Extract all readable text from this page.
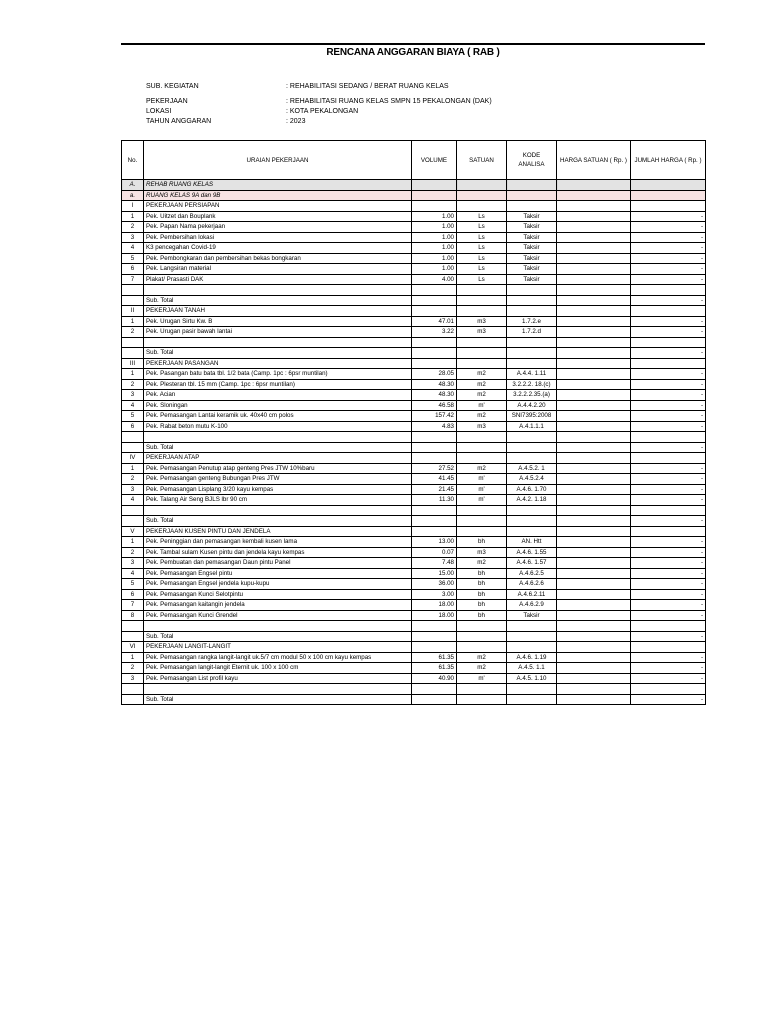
RENCANA ANGGARAN BIAYA ( RAB )
SUB. KEGIATAN	: REHABILITASI SEDANG / BERAT RUANG KELAS
PEKERJAAN	: REHABILITASI RUANG KELAS SMPN 15 PEKALONGAN (DAK)
LOKASI	: KOTA PEKALONGAN
TAHUN ANGGARAN	: 2023
No.	URAIAN PEKERJAAN	VOLUME	SATUAN	KODE ANALISA	HARGA SATUAN ( Rp. )	JUMLAH HARGA ( Rp. )
A.	REHAB RUANG KELAS					
a.	RUANG KELAS 9A dan 9B					
I	PEKERJAAN PERSIAPAN					
1	Pek. Uitzet dan Bouplank	1.00	Ls	Taksir		-
2	Pek. Papan Nama pekerjaan	1.00	Ls	Taksir		-
3	Pek. Pembersihan lokasi	1.00	Ls	Taksir		-
4	K3 pencegahan Covid-19	1.00	Ls	Taksir		-
5	Pek. Pembongkaran dan pembersihan bekas bongkaran	1.00	Ls	Taksir		-
6	Pek. Langsiran material	1.00	Ls	Taksir		-
7	Plakat/ Prasasti DAK	4.00	Ls	Taksir		-

	Sub. Total					-
II	PEKERJAAN TANAH					
1	Pek. Urugan Sirtu Kw. B	47.01	m3	1.7.2.e		-
2	Pek. Urugan pasir bawah lantai	3.22	m3	1.7.2.d		-

	Sub. Total					-
III	PEKERJAAN PASANGAN					
1	Pek. Pasangan batu bata tbl. 1/2 bata (Camp. 1pc : 6psr muntilan)	28.05	m2	A.4.4. 1.11		-
2	Pek. Plesteran tbl. 15 mm (Camp. 1pc : 6psr muntilan)	48.30	m2	3.2.2.2. 18.(c)		-
3	Pek. Acian	48.30	m2	3.2.2.2.35.(a)		-
4	Pek. Sloningan	46.58	m'	A.4.4.2.20		-
5	Pek. Pemasangan Lantai keramik uk. 40x40 cm polos	157.42	m2	SNI7395:2008		-
6	Pek. Rabat beton mutu K-100	4.83	m3	A.4.1.1.1		-

	Sub. Total					-
IV	PEKERJAAN ATAP					
1	Pek. Pemasangan Penutup atap genteng Pres JTW 10%baru	27.52	m2	A.4.5.2. 1		-
2	Pek. Pemasangan genteng Bubungan Pres JTW	41.45	m'	A.4.5.2.4		-
3	Pek. Pemasangan Lisplang 3/20 kayu kempas	21.45	m'	A.4.6. 1.70		-
4	Pek. Talang Air Seng BJLS lbr 90 cm	11.30	m'	A.4.2. 1.18		-

	Sub. Total					-
V	PEKERJAAN KUSEN PINTU DAN JENDELA					
1	Pek. Peninggian dan pemasangan kembali kusen lama	13.00	bh	AN. Htt		-
2	Pek. Tambal sulam Kusen pintu dan jendela kayu kempas	0.07	m3	A.4.6. 1.55		-
3	Pek. Pembuatan dan pemasangan Daun pintu Panel	7.48	m2	A.4.6. 1.57		-
4	Pek. Pemasangan Engsel pintu	15.00	bh	A.4.6.2.5		-
5	Pek. Pemasangan Engsel jendela kupu-kupu	36.00	bh	A.4.6.2.6		-
6	Pek. Pemasangan Kunci Selotpintu	3.00	bh	A.4.6.2.11		-
7	Pek. Pemasangan kaitangin jendela	18.00	bh	A.4.6.2.9		-
8	Pek. Pemasangan Kunci Grendel	18.00	bh	Taksir		-

	Sub. Total					-
VI	PEKERJAAN LANGIT-LANGIT					
1	Pek. Pemasangan rangka langit-langit uk.5/7 cm modul 50 x 100 cm kayu kempas	61.35	m2	A.4.6. 1.19		-
2	Pek. Pemasangan langit-langit Eternit uk. 100 x 100 cm	61.35	m2	A.4.5. 1.1		-
3	Pek. Pemasangan List profil kayu	40.90	m'	A.4.5. 1.10		-

	Sub. Total					-
